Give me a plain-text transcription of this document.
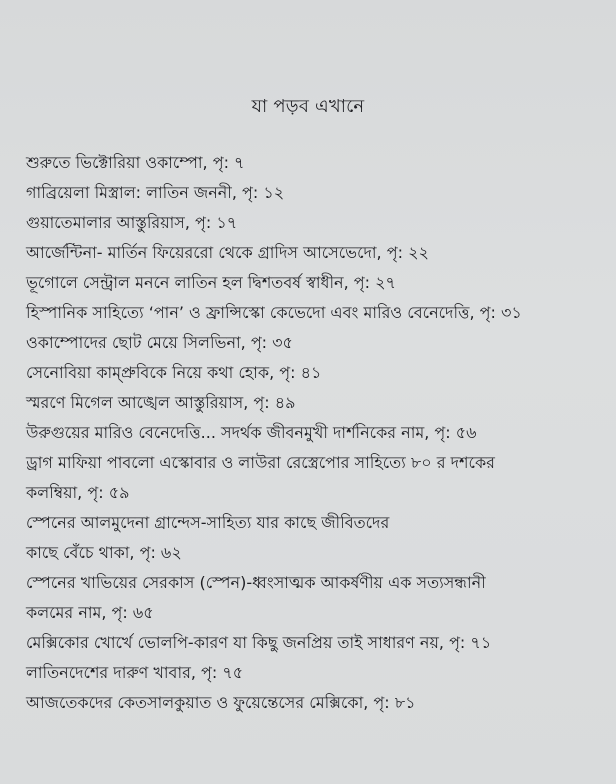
যা পড়ব এখানে
শুরুতে ভিক্টোরিয়া ওকাম্পো, পৃ: ৭
গাব্রিয়েলা মিস্ত্রাল: লাতিন জননী, পৃ: ১২
গুয়াতেমালার আস্তুরিয়াস, পৃ: ১৭
আর্জেন্টিনা- মার্তিন ফিয়েররো থেকে গ্রাদিস আসেভেদো, পৃ: ২২
ভূগোলে সেন্ট্রাল মননে লাতিন হল দ্বিশতবর্ষ স্বাধীন, পৃ: ২৭
হিস্পানিক সাহিত্যে ‘পান’ ও ফ্রান্সিস্কো কেভেদো এবং মারিও বেনেদেত্তি, পৃ: ৩১
ওকাম্পোদের ছোট মেয়ে সিলভিনা, পৃ: ৩৫
সেনোবিয়া কাম্প্রুবিকে নিয়ে কথা হোক, পৃ: ৪১
স্মরণে মিগেল আঙ্খেল আস্তুরিয়াস, পৃ: ৪৯
উরুগুয়ের মারিও বেনেদেত্তি... সদর্থক জীবনমুখী দার্শনিকের নাম, পৃ: ৫৬
ড্রাগ মাফিয়া পাবলো এস্কোবার ও লাউরা রেস্ত্রেপোর সাহিত্যে ৮০ র দশকের
কলম্বিয়া, পৃ: ৫৯
স্পেনের আলমুদেনা গ্রান্দেস-সাহিত্য যার কাছে জীবিতদের
কাছে বেঁচে থাকা, পৃ: ৬২
স্পেনের খাভিয়ের সেরকাস (স্পেন)-ধ্বংসাত্মক আকর্ষণীয় এক সত্যসন্ধানী
কলমের নাম, পৃ: ৬৫
মেক্সিকোর খোর্খে ভোলপি-কারণ যা কিছু জনপ্রিয় তাই সাধারণ নয়, পৃ: ৭১
লাতিনদেশের দারুণ খাবার, পৃ: ৭৫
আজতেকদের কেতসালকুয়াত ও ফুয়েন্তেসের মেক্সিকো, পৃ: ৮১
